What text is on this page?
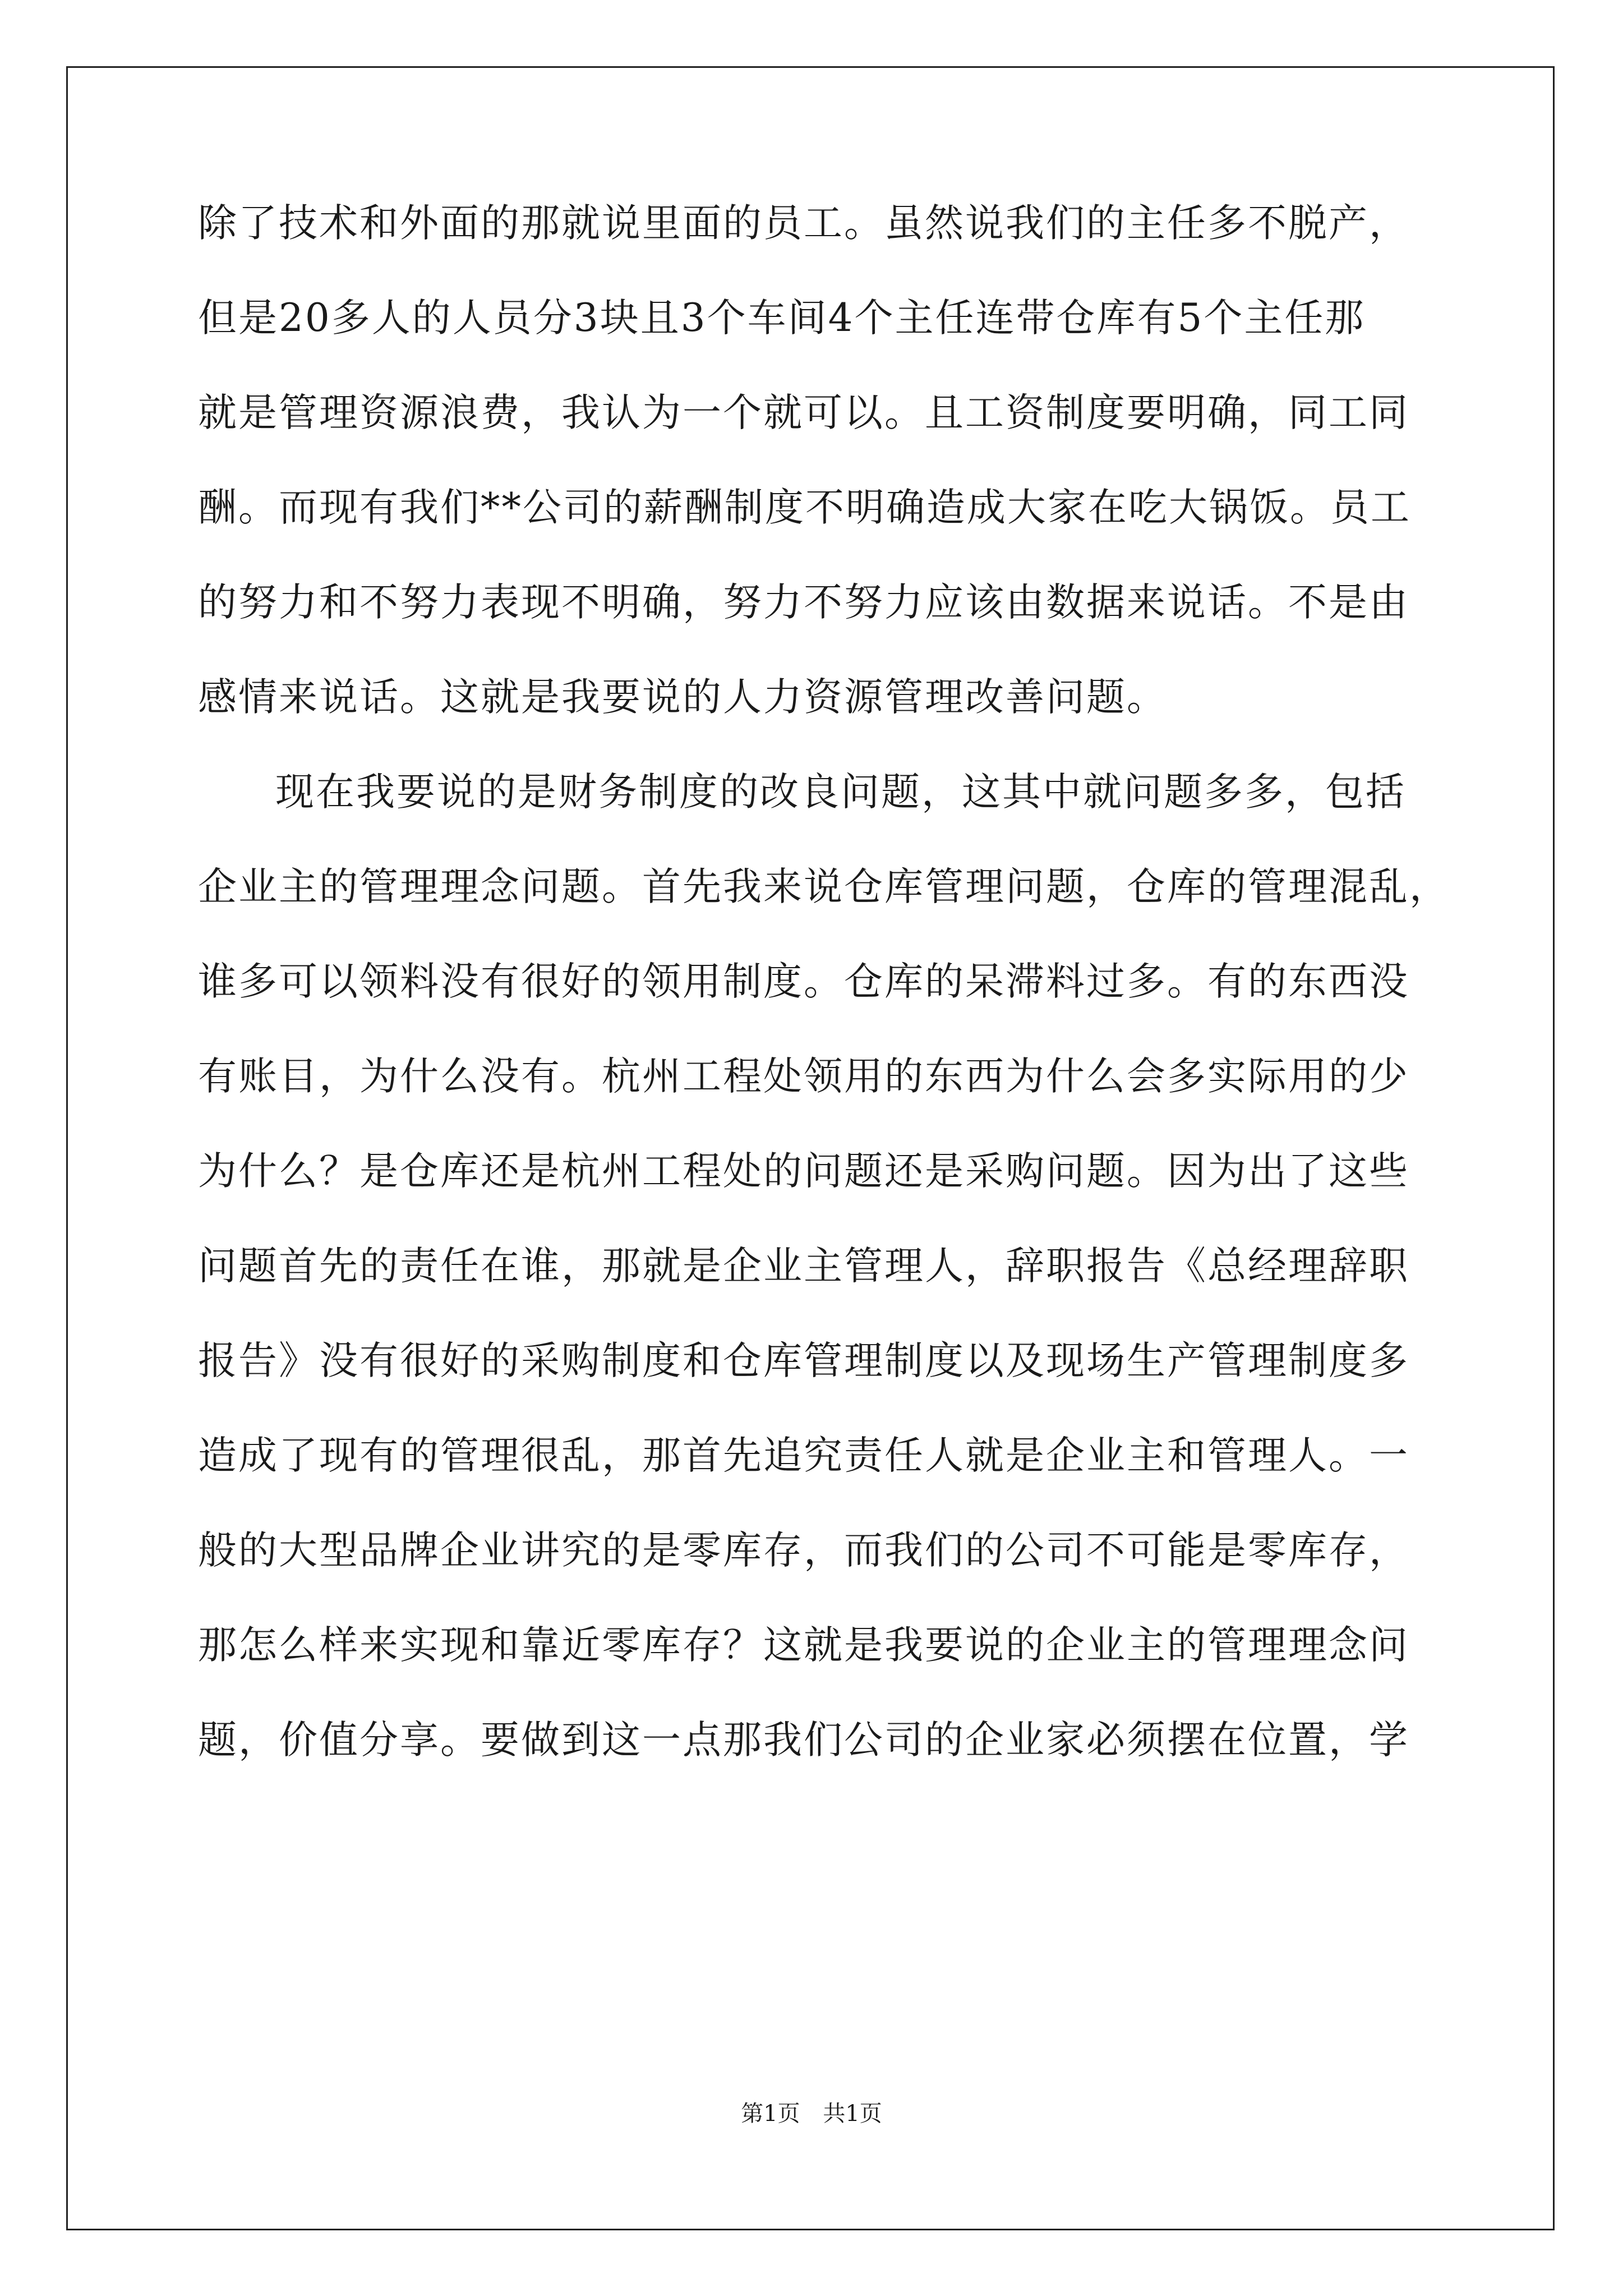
除了技术和外面的那就说里面的员工。虽然说我们的主任多不脱产，
但是20多人的人员分3块且3个车间4个主任连带仓库有5个主任那
就是管理资源浪费，我认为一个就可以。且工资制度要明确，同工同
酬。而现有我们**公司的薪酬制度不明确造成大家在吃大锅饭。员工
的努力和不努力表现不明确，努力不努力应该由数据来说话。不是由
感情来说话。这就是我要说的人力资源管理改善问题。
现在我要说的是财务制度的改良问题，这其中就问题多多，包括
企业主的管理理念问题。首先我来说仓库管理问题，仓库的管理混乱，
谁多可以领料没有很好的领用制度。仓库的呆滞料过多。有的东西没
有账目，为什么没有。杭州工程处领用的东西为什么会多实际用的少
为什么？是仓库还是杭州工程处的问题还是采购问题。因为出了这些
问题首先的责任在谁，那就是企业主管理人，辞职报告《总经理辞职
报告》没有很好的采购制度和仓库管理制度以及现场生产管理制度多
造成了现有的管理很乱，那首先追究责任人就是企业主和管理人。一
般的大型品牌企业讲究的是零库存，而我们的公司不可能是零库存，
那怎么样来实现和靠近零库存？这就是我要说的企业主的管理理念问
题，价值分享。要做到这一点那我们公司的企业家必须摆在位置，学
第1页 共1页
